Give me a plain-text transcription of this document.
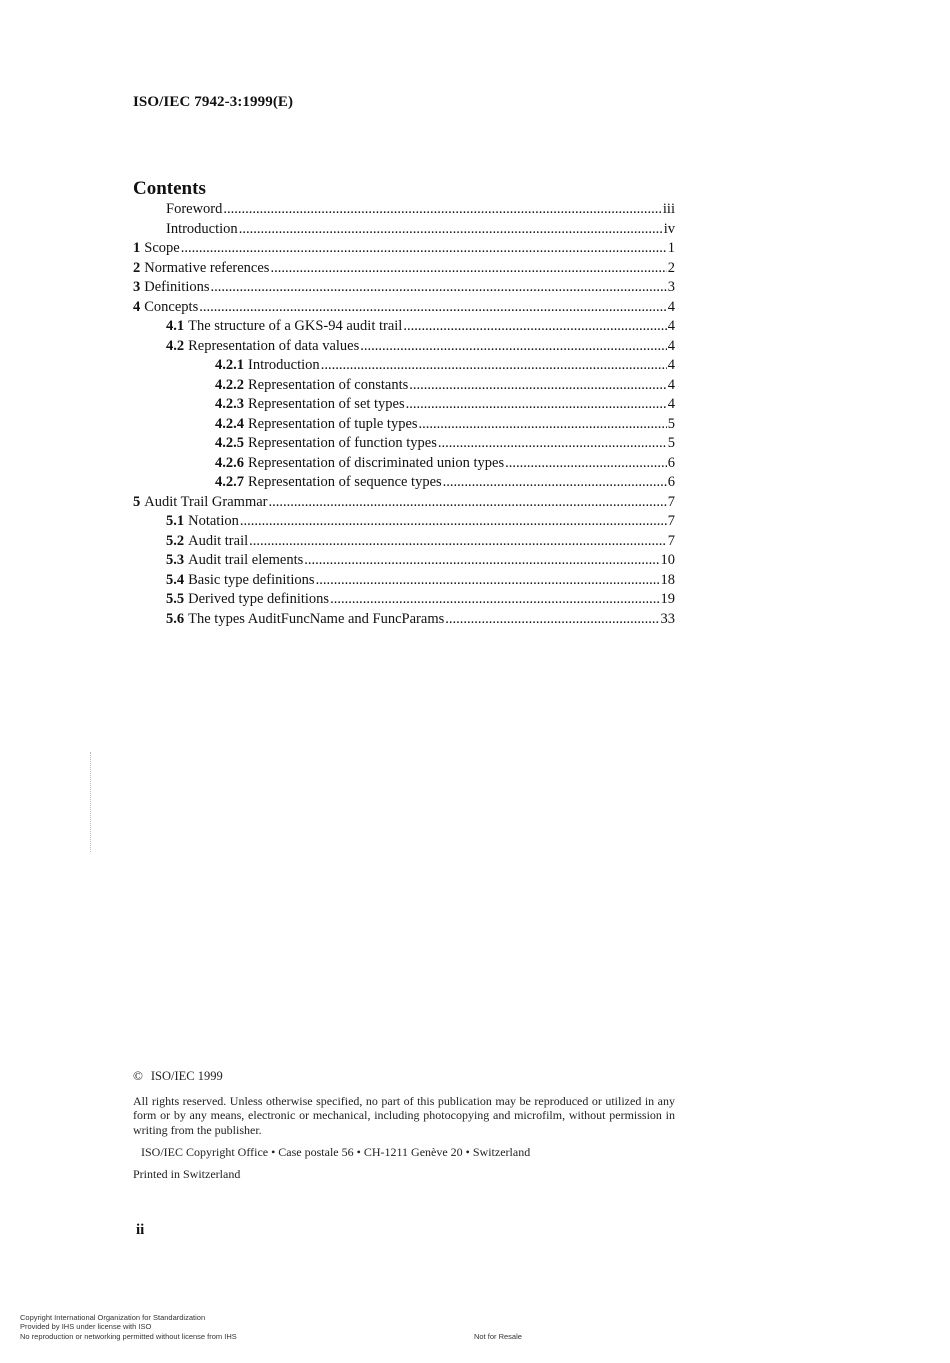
ISO/IEC 7942-3:1999(E)
Contents
Foreword .....	iii
Introduction .....	iv
1 Scope .....	1
2 Normative references .....	2
3 Definitions .....	3
4 Concepts .....	4
4.1 The structure of a GKS-94 audit trail .....	4
4.2 Representation of data values .....	4
4.2.1 Introduction .....	4
4.2.2 Representation of constants .....	4
4.2.3 Representation of set types .....	4
4.2.4 Representation of tuple types .....	5
4.2.5 Representation of function types .....	5
4.2.6 Representation of discriminated union types .....	6
4.2.7 Representation of sequence types .....	6
5 Audit Trail Grammar .....	7
5.1 Notation .....	7
5.2 Audit trail .....	7
5.3 Audit trail elements .....	10
5.4 Basic type definitions .....	18
5.5 Derived type definitions .....	19
5.6 The types AuditFuncName and FuncParams .....	33
© ISO/IEC 1999
All rights reserved. Unless otherwise specified, no part of this publication may be reproduced or utilized in any form or by any means, electronic or mechanical, including photocopying and microfilm, without permission in writing from the publisher.
ISO/IEC Copyright Office • Case postale 56 • CH-1211 Genève 20 • Switzerland
Printed in Switzerland
ii
Copyright International Organization for Standardization
Provided by IHS under license with ISO
No reproduction or networking permitted without license from IHS	Not for Resale
